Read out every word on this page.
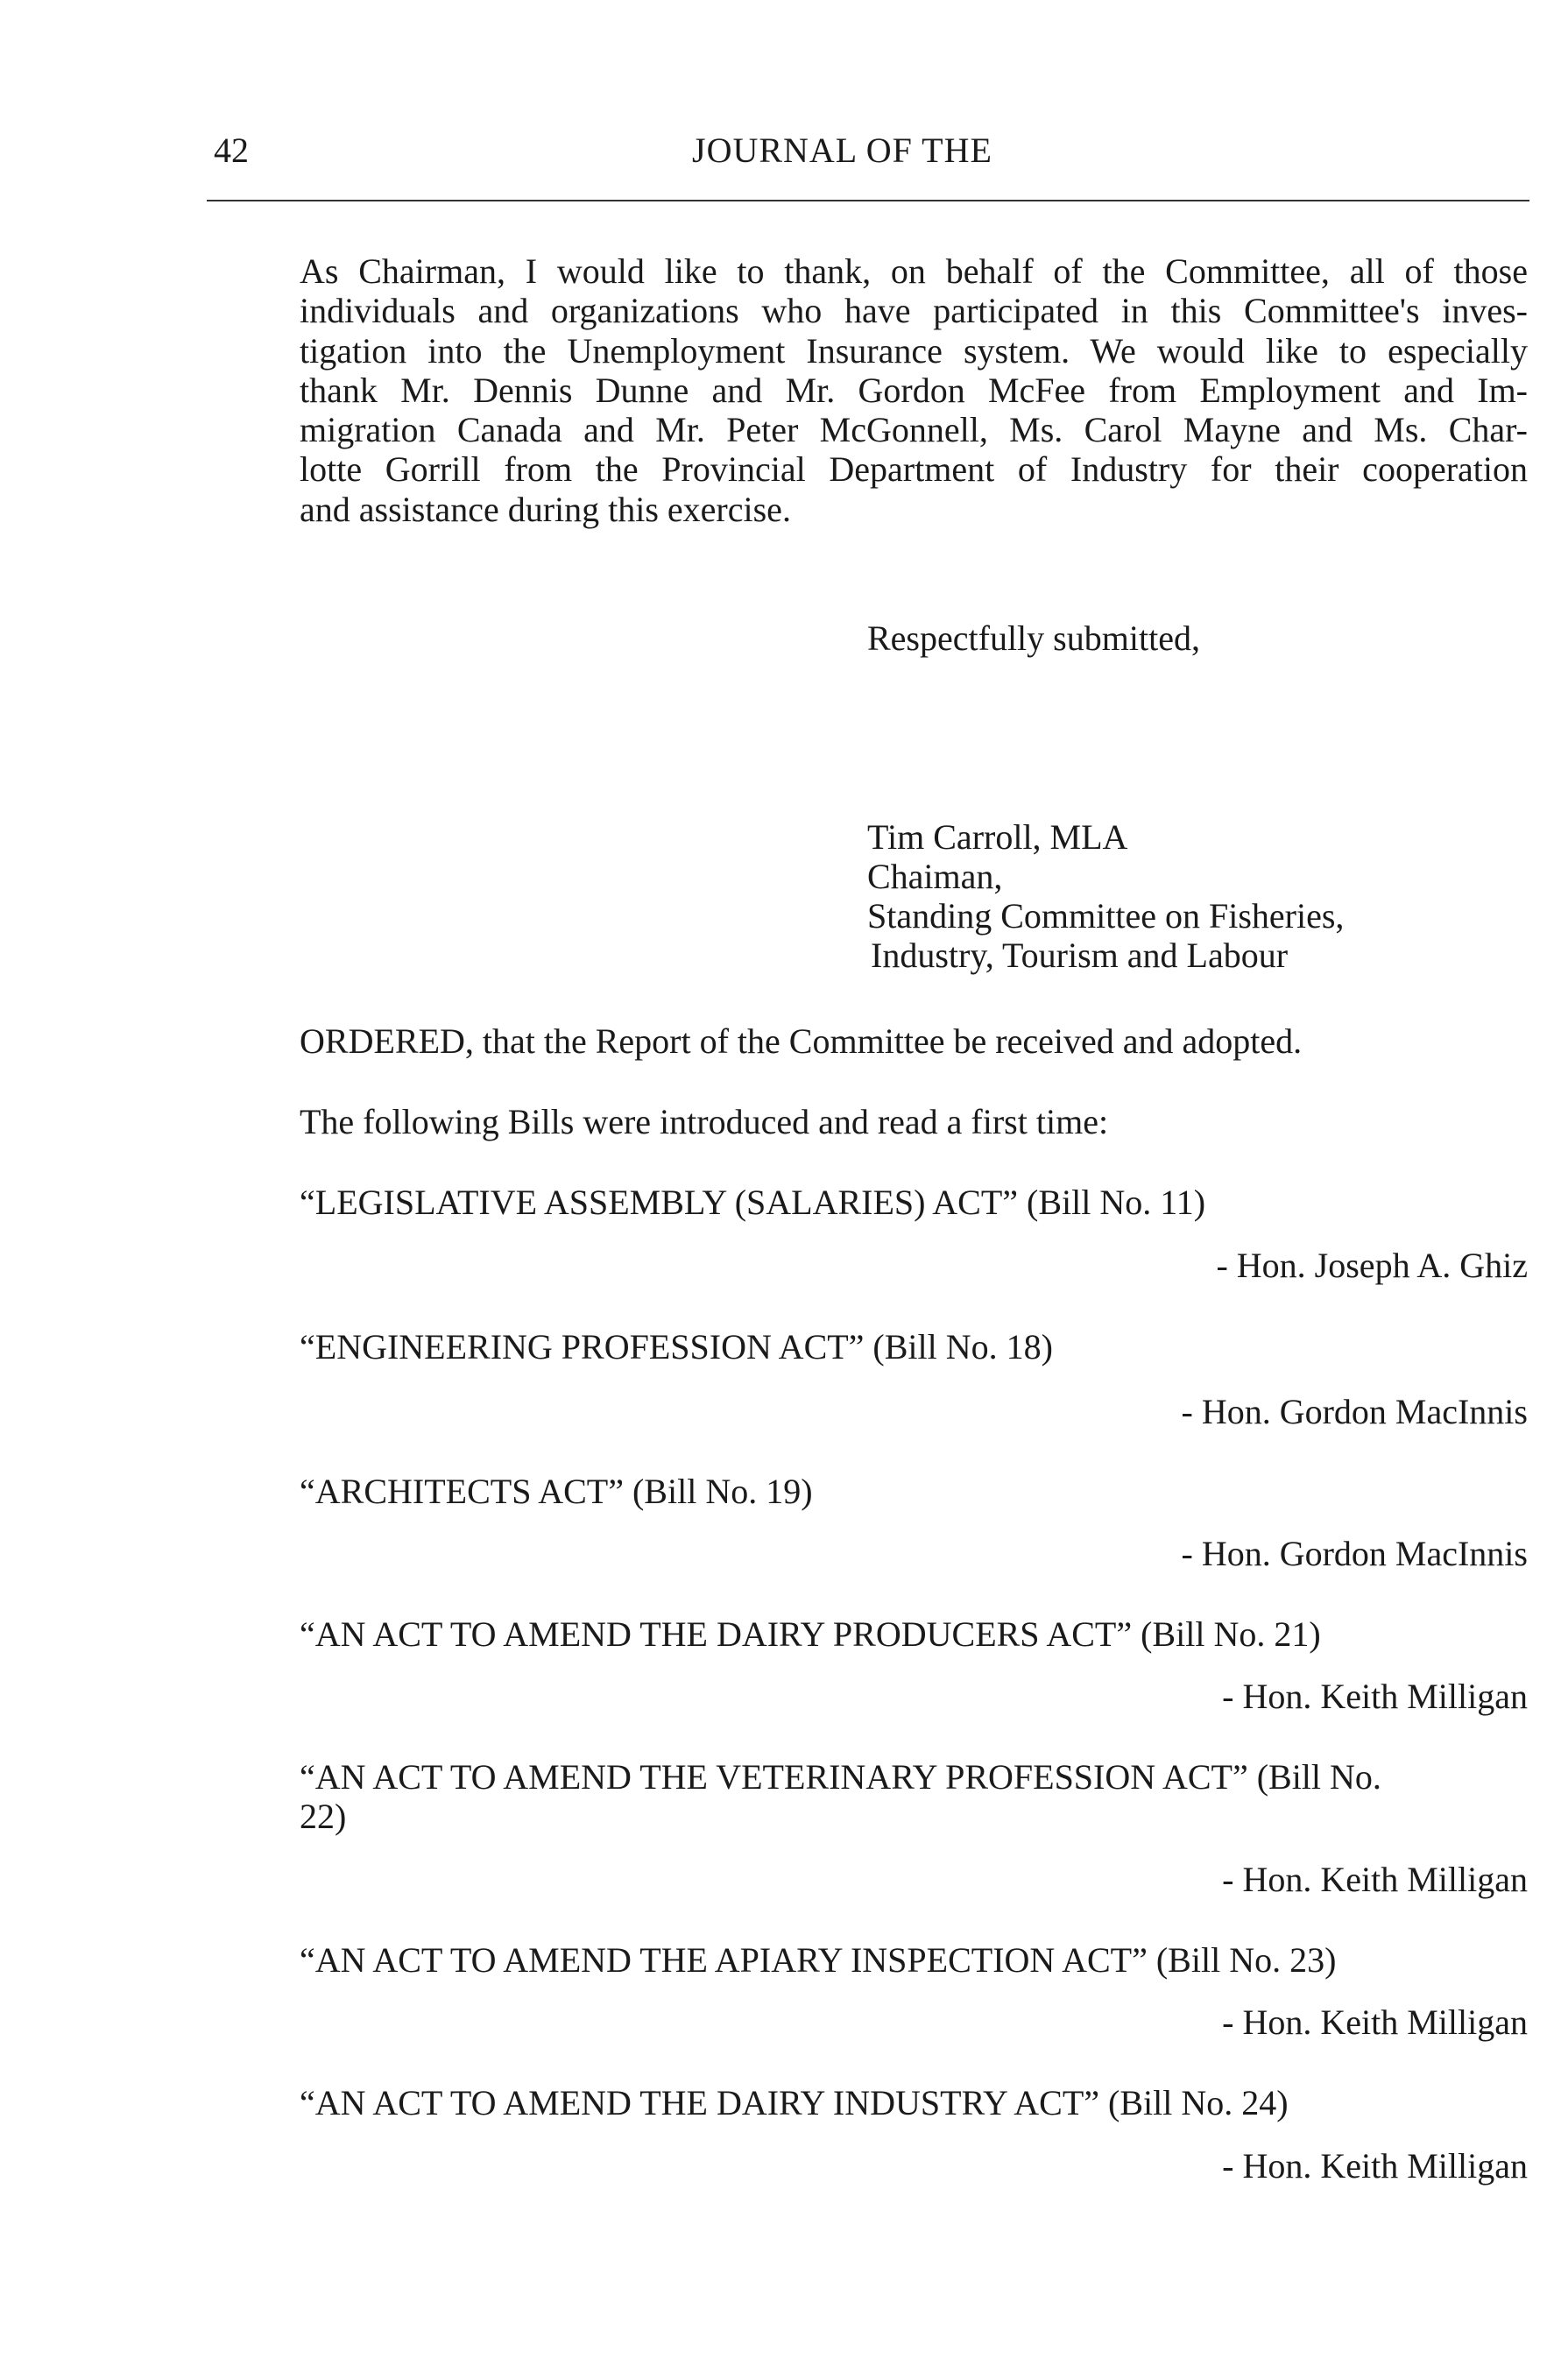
42	JOURNAL OF THE
As Chairman, I would like to thank, on behalf of the Committee, all of those
individuals and organizations who have participated in this Committee's inves-
tigation into the Unemployment Insurance system. We would like to especially
thank Mr. Dennis Dunne and Mr. Gordon McFee from Employment and Im-
migration Canada and Mr. Peter McGonnell, Ms. Carol Mayne and Ms. Char-
lotte Gorrill from the Provincial Department of Industry for their cooperation
and assistance during this exercise.
Respectfully submitted,
Tim Carroll, MLA
Chaiman,
Standing Committee on Fisheries,
Industry, Tourism and Labour
ORDERED, that the Report of the Committee be received and adopted.
The following Bills were introduced and read a first time:
“LEGISLATIVE ASSEMBLY (SALARIES) ACT” (Bill No. 11)
- Hon. Joseph A. Ghiz
“ENGINEERING PROFESSION ACT” (Bill No. 18)
- Hon. Gordon MacInnis
“ARCHITECTS ACT” (Bill No. 19)
- Hon. Gordon MacInnis
“AN ACT TO AMEND THE DAIRY PRODUCERS ACT” (Bill No. 21)
- Hon. Keith Milligan
“AN ACT TO AMEND THE VETERINARY PROFESSION ACT” (Bill No.
22)
- Hon. Keith Milligan
“AN ACT TO AMEND THE APIARY INSPECTION ACT” (Bill No. 23)
- Hon. Keith Milligan
“AN ACT TO AMEND THE DAIRY INDUSTRY ACT” (Bill No. 24)
- Hon. Keith Milligan
